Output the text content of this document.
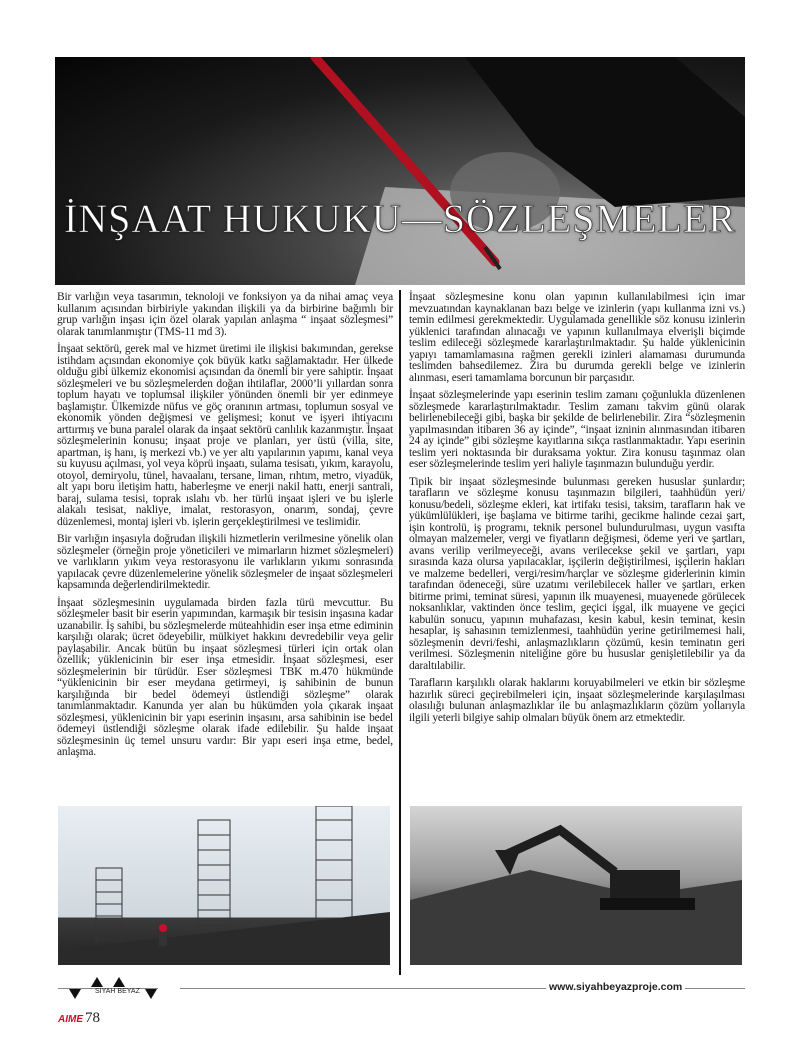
İNŞAAT HUKUKU—SÖZLEŞMELER

Bir varlığın veya tasarımın, teknoloji ve fonksiyon ya da nihai amaç veya kullanım açısından birbiriyle yakından ilişkili ya da birbirine bağımlı bir grup varlığın inşası için özel olarak yapılan anlaşma “ inşaat sözleşmesi” olarak tanımlanmıştır (TMS-11 md 3).

İnşaat sektörü, gerek mal ve hizmet üretimi ile ilişkisi bakımından, gerekse istihdam açısından ekonomiye çok büyük katkı sağlamaktadır. Her ülkede olduğu gibi ülkemiz ekonomisi açısından da önemli bir yere sahiptir. İnşaat sözleşmeleri ve bu sözleşmelerden doğan ihtilaflar, 2000’li yıllardan sonra toplum hayatı ve toplumsal ilişkiler yönünden önemli bir yer edinmeye başlamıştır. Ülkemizde nüfus ve göç oranının artması, toplumun sosyal ve ekonomik yönden değişmesi ve gelişmesi; konut ve işyeri ihtiyacını arttırmış ve buna paralel olarak da inşaat sektörü canlılık kazanmıştır. İnşaat sözleşmelerinin konusu; inşaat proje ve planları, yer üstü (villa, site, apartman, iş hanı, iş merkezi vb.) ve yer altı yapılarının yapımı, kanal veya su kuyusu açılması, yol veya köprü inşaatı, sulama tesisatı, yıkım, karayolu, otoyol, demiryolu, tünel, havaalanı, tersane, liman, rıhtım, metro, viyadük, alt yapı boru iletişim hattı, haberleşme ve enerji nakil hattı, enerji santrali, baraj, sulama tesisi, toprak ıslahı vb. her türlü inşaat işleri ve bu işlerle alakalı tesisat, nakliye, imalat, restorasyon, onarım, sondaj, çevre düzenlemesi, montaj işleri vb. işlerin gerçekleştirilmesi ve teslimidir.

Bir varlığın inşasıyla doğrudan ilişkili hizmetlerin verilmesine yönelik olan sözleşmeler (örneğin proje yöneticileri ve mimarların hizmet sözleşmeleri) ve varlıkların yıkım veya restorasyonu ile varlıkların yıkımı sonrasında yapılacak çevre düzenlemelerine yönelik sözleşmeler de inşaat sözleşmeleri kapsamında değerlendirilmektedir.

İnşaat sözleşmesinin uygulamada birden fazla türü mevcuttur. Bu sözleşmeler basit bir eserin yapımından, karmaşık bir tesisin inşasına kadar uzanabilir. İş sahibi, bu sözleşmelerde müteahhidin eser inşa etme ediminin karşılığı olarak; ücret ödeyebilir, mülkiyet hakkını devredebilir veya gelir paylaşabilir. Ancak bütün bu inşaat sözleşmesi türleri için ortak olan özellik; yüklenicinin bir eser inşa etmesidir. İnşaat sözleşmesi, eser sözleşmelerinin bir türüdür. Eser sözleşmesi TBK m.470 hükmünde “yüklenicinin bir eser meydana getirmeyi, iş sahibinin de bunun karşılığında bir bedel ödemeyi üstlendiği sözleşme” olarak tanımlanmaktadır. Kanunda yer alan bu hükümden yola çıkarak inşaat sözleşmesi, yüklenicinin bir yapı eserinin inşasını, arsa sahibinin ise bedel ödemeyi üstlendiği sözleşme olarak ifade edilebilir. Şu halde inşaat sözleşmesinin üç temel unsuru vardır: Bir yapı eseri inşa etme, bedel, anlaşma.

İnşaat sözleşmesine konu olan yapının kullanılabilmesi için imar mevzuatından kaynaklanan bazı belge ve izinlerin (yapı kullanma izni vs.) temin edilmesi gerekmektedir. Uygulamada genellikle söz konusu izinlerin yüklenici tarafından alınacağı ve yapının kullanılmaya elverişli biçimde teslim edileceği sözleşmede kararlaştırılmaktadır. Şu halde yüklenicinin yapıyı tamamlamasına rağmen gerekli izinleri alamaması durumunda teslimden bahsedilemez. Zira bu durumda gerekli belge ve izinlerin alınması, eseri tamamlama borcunun bir parçasıdır.

İnşaat sözleşmelerinde yapı eserinin teslim zamanı çoğunlukla düzenlenen sözleşmede kararlaştırılmaktadır. Teslim zamanı takvim günü olarak belirlenebileceği gibi, başka bir şekilde de belirlenebilir. Zira “sözleşmenin yapılmasından itibaren 36 ay içinde”, “inşaat izninin alınmasından itibaren 24 ay içinde” gibi sözleşme kayıtlarına sıkça rastlanmaktadır. Yapı eserinin teslim yeri noktasında bir duraksama yoktur. Zira konusu taşınmaz olan eser sözleşmelerinde teslim yeri haliyle taşınmazın bulunduğu yerdir.

Tipik bir inşaat sözleşmesinde bulunması gereken hususlar şunlardır; tarafların ve sözleşme konusu taşınmazın bilgileri, taahhüdün yeri/ konusu/bedeli, sözleşme ekleri, kat irtifakı tesisi, taksim, tarafların hak ve yükümlülükleri, işe başlama ve bitirme tarihi, gecikme halinde cezai şart, işin kontrolü, iş programı, teknik personel bulundurulması, uygun vasıfta olmayan malzemeler, vergi ve fiyatların değişmesi, ödeme yeri ve şartları, avans verilip verilmeyeceği, avans verilecekse şekil ve şartları, yapı sırasında kaza olursa yapılacaklar, işçilerin değiştirilmesi, işçilerin hakları ve malzeme bedelleri, vergi/resim/harçlar ve sözleşme giderlerinin kimin tarafından ödeneceği, süre uzatımı verilebilecek haller ve şartları, erken bitirme primi, teminat süresi, yapının ilk muayenesi, muayenede görülecek noksanlıklar, vaktinden önce teslim, geçici işgal, ilk muayene ve geçici kabulün sonucu, yapının muhafazası, kesin kabul, kesin teminat, kesin hesaplar, iş sahasının temizlenmesi, taahhüdün yerine getirilmemesi hali, sözleşmenin devri/feshi, anlaşmazlıkların çözümü, kesin teminatın geri verilmesi. Sözleşmenin niteliğine göre bu hususlar genişletilebilir ya da daraltılabilir.

Tarafların karşılıklı olarak haklarını koruyabilmeleri ve etkin bir sözleşme hazırlık süreci geçirebilmeleri için, inşaat sözleşmelerinde karşılaşılması olasılığı bulunan anlaşmazlıklar ile bu anlaşmazlıkların çözüm yollarıyla ilgili yeterli bilgiye sahip olmaları büyük önem arz etmektedir.

SİYAH BEYAZ	www.siyahbeyazproje.com
AIME 78
